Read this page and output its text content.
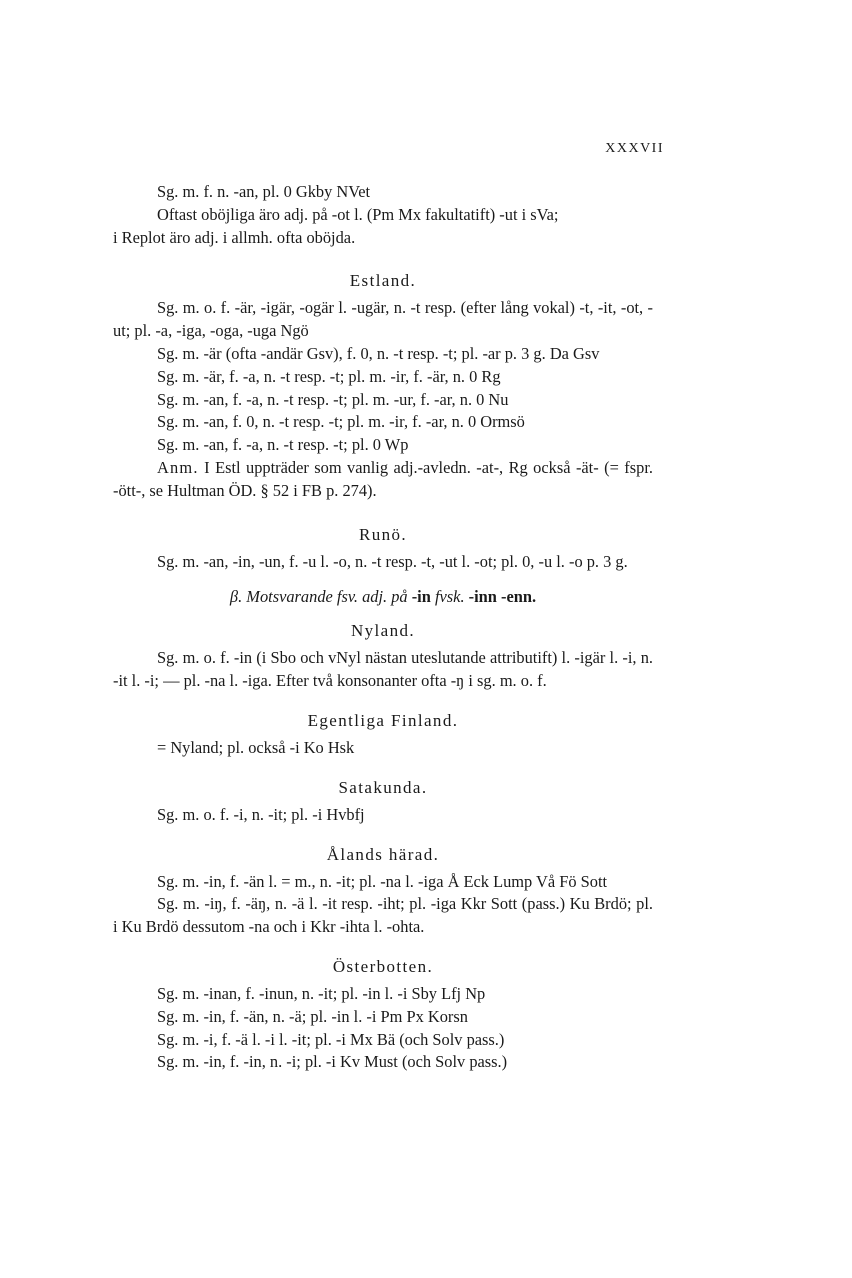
XXXVII

Sg. m. f. n. -an, pl. 0 Gkby NVet

Oftast oböjliga äro adj. på -ot l. (Pm Mx fakultatift) -ut i sVa;

i Replot äro adj. i allmh. ofta oböjda.

Estland.

Sg. m. o. f. -är, -igär, -ogär l. -ugär, n. -t resp. (efter lång vokal) -t, -it, -ot, -ut; pl. -a, -iga, -oga, -uga Ngö

Sg. m. -är (ofta -andär Gsv), f. 0, n. -t resp. -t; pl. -ar p. 3 g. Da Gsv

Sg. m. -är, f. -a, n. -t resp. -t; pl. m. -ir, f. -är, n. 0 Rg

Sg. m. -an, f. -a, n. -t resp. -t; pl. m. -ur, f. -ar, n. 0 Nu

Sg. m. -an, f. 0, n. -t resp. -t; pl. m. -ir, f. -ar, n. 0 Ormsö

Sg. m. -an, f. -a, n. -t resp. -t; pl. 0 Wp

Anm. I Estl uppträder som vanlig adj.-avledn. -at-, Rg också -ät- (= fspr. -ött-, se Hultman ÖD. § 52 i FB p. 274).

Runö.

Sg. m. -an, -in, -un, f. -u l. -o, n. -t resp. -t, -ut l. -ot; pl. 0, -u l. -o p. 3 g.

β. Motsvarande fsv. adj. på -in fvsk. -inn -enn.
Nyland.

Sg. m. o. f. -in (i Sbo och vNyl nästan uteslutande attributift) l. -igär l. -i, n. -it l. -i; — pl. -na l. -iga. Efter två konsonanter ofta -ŋ i sg. m. o. f.

Egentliga Finland.

= Nyland; pl. också -i Ko Hsk

Satakunda.

Sg. m. o. f. -i, n. -it; pl. -i Hvbfj

Ålands härad.

Sg. m. -in, f. -än l. = m., n. -it; pl. -na l. -iga Å Eck Lump Vå Fö Sott

Sg. m. -iŋ, f. -äŋ, n. -ä l. -it resp. -iht; pl. -iga Kkr Sott (pass.) Ku Brdö; pl. i Ku Brdö dessutom -na och i Kkr -ihta l. -ohta.

Österbotten.

Sg. m. -inan, f. -inun, n. -it; pl. -in l. -i Sby Lfj Np

Sg. m. -in, f. -än, n. -ä; pl. -in l. -i Pm Px Korsn

Sg. m. -i, f. -ä l. -i l. -it; pl. -i Mx Bä (och Solv pass.)

Sg. m. -in, f. -in, n. -i; pl. -i Kv Must (och Solv pass.)
